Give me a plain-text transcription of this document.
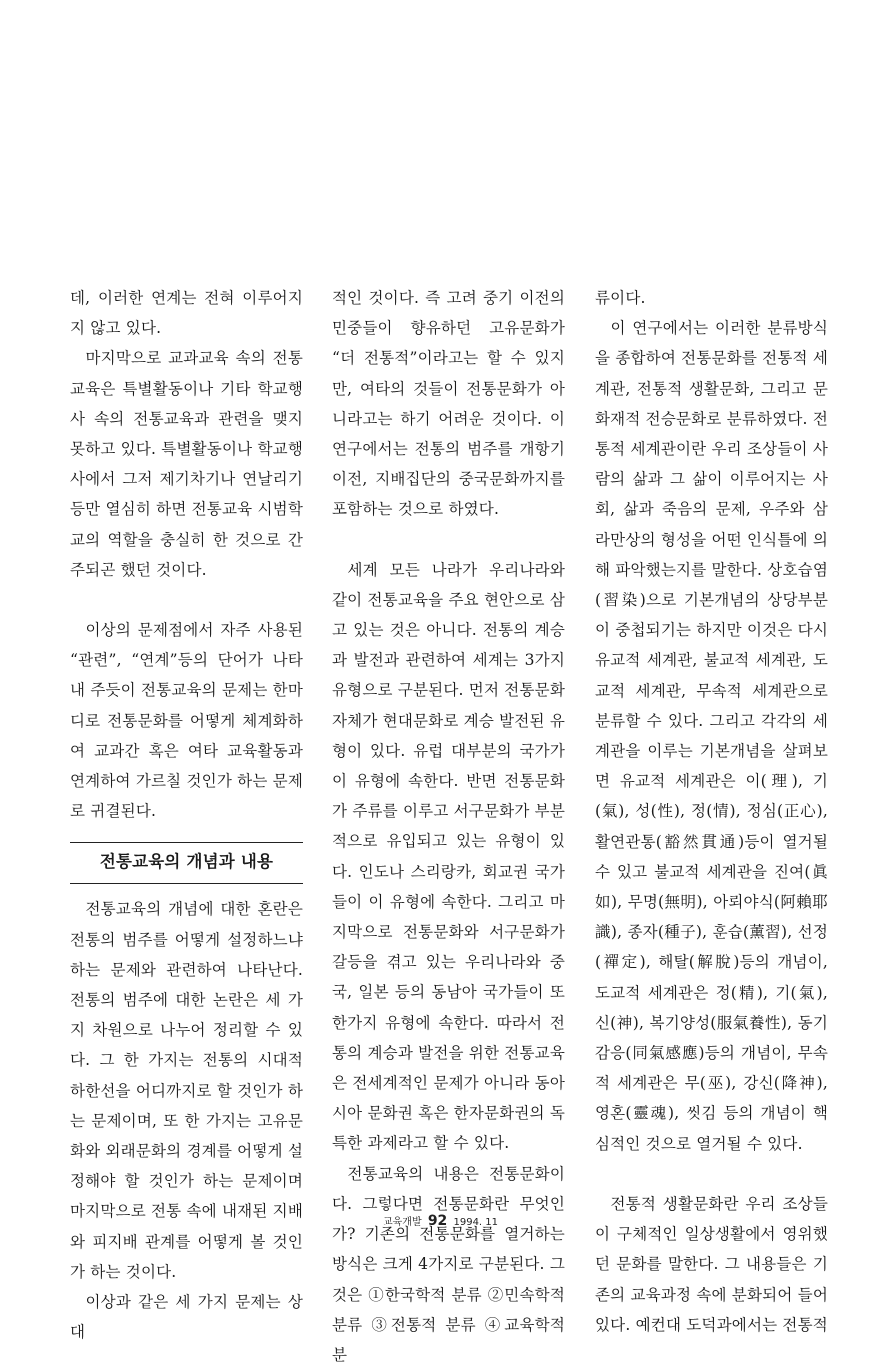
데, 이러한 연계는 전혀 이루어지지 않고 있다.

마지막으로 교과교육 속의 전통교육은 특별활동이나 기타 학교행사 속의 전통교육과 관련을 맺지 못하고 있다. 특별활동이나 학교행사에서 그저 제기차기나 연날리기 등만 열심히 하면 전통교육 시범학교의 역할을 충실히 한 것으로 간주되곤 했던 것이다.

이상의 문제점에서 자주 사용된 “관련”, “연계”등의 단어가 나타내 주듯이 전통교육의 문제는 한마디로 전통문화를 어떻게 체계화하여 교과간 혹은 여타 교육활동과 연계하여 가르칠 것인가 하는 문제로 귀결된다.

전통교육의 개념과 내용

전통교육의 개념에 대한 혼란은 전통의 범주를 어떻게 설정하느냐 하는 문제와 관련하여 나타난다. 전통의 범주에 대한 논란은 세 가지 차원으로 나누어 정리할 수 있다. 그 한 가지는 전통의 시대적 하한선을 어디까지로 할 것인가 하는 문제이며, 또 한 가지는 고유문화와 외래문화의 경계를 어떻게 설정해야 할 것인가 하는 문제이며 마지막으로 전통 속에 내재된 지배와 피지배 관계를 어떻게 볼 것인가 하는 것이다.

이상과 같은 세 가지 문제는 상대

적인 것이다. 즉 고려 중기 이전의 민중들이 향유하던 고유문화가 “더 전통적”이라고는 할 수 있지만, 여타의 것들이 전통문화가 아니라고는 하기 어려운 것이다. 이 연구에서는 전통의 범주를 개항기 이전, 지배집단의 중국문화까지를 포함하는 것으로 하였다.

세계 모든 나라가 우리나라와 같이 전통교육을 주요 현안으로 삼고 있는 것은 아니다. 전통의 계승과 발전과 관련하여 세계는 3가지 유형으로 구분된다. 먼저 전통문화 자체가 현대문화로 계승 발전된 유형이 있다. 유럽 대부분의 국가가 이 유형에 속한다. 반면 전통문화가 주류를 이루고 서구문화가 부분적으로 유입되고 있는 유형이 있다. 인도나 스리랑카, 회교권 국가들이 이 유형에 속한다. 그리고 마지막으로 전통문화와 서구문화가 갈등을 겪고 있는 우리나라와 중국, 일본 등의 동남아 국가들이 또 한가지 유형에 속한다. 따라서 전통의 계승과 발전을 위한 전통교육은 전세계적인 문제가 아니라 동아시아 문화권 혹은 한자문화권의 독특한 과제라고 할 수 있다.

전통교육의 내용은 전통문화이다. 그렇다면 전통문화란 무엇인가? 기존의 전통문화를 열거하는 방식은 크게 4가지로 구분된다. 그것은 ①한국학적 분류 ②민속학적 분류 ③전통적 분류 ④교육학적 분

류이다.

이 연구에서는 이러한 분류방식을 종합하여 전통문화를 전통적 세계관, 전통적 생활문화, 그리고 문화재적 전승문화로 분류하였다. 전통적 세계관이란 우리 조상들이 사람의 삶과 그 삶이 이루어지는 사회, 삶과 죽음의 문제, 우주와 삼라만상의 형성을 어떤 인식틀에 의해 파악했는지를 말한다. 상호습염(習染)으로 기본개념의 상당부분이 중첩되기는 하지만 이것은 다시 유교적 세계관, 불교적 세계관, 도교적 세계관, 무속적 세계관으로 분류할 수 있다. 그리고 각각의 세계관을 이루는 기본개념을 살펴보면 유교적 세계관은 이(理), 기(氣), 성(性), 정(情), 정심(正心), 활연관통(豁然貫通)등이 열거될 수 있고 불교적 세계관을 진여(眞如), 무명(無明), 아뢰야식(阿賴耶識), 종자(種子), 훈습(薰習), 선정(禪定), 해탈(解脫)등의 개념이, 도교적 세계관은 정(精), 기(氣), 신(神), 복기양성(服氣養性), 동기감응(同氣感應)등의 개념이, 무속적 세계관은 무(巫), 강신(降神), 영혼(靈魂), 씻김 등의 개념이 핵심적인 것으로 열거될 수 있다.

전통적 생활문화란 우리 조상들이 구체적인 일상생활에서 영위했던 문화를 말한다. 그 내용들은 기존의 교육과정 속에 분화되어 들어있다. 예컨대 도덕과에서는 전통적

교육개발 92 1994. 11
